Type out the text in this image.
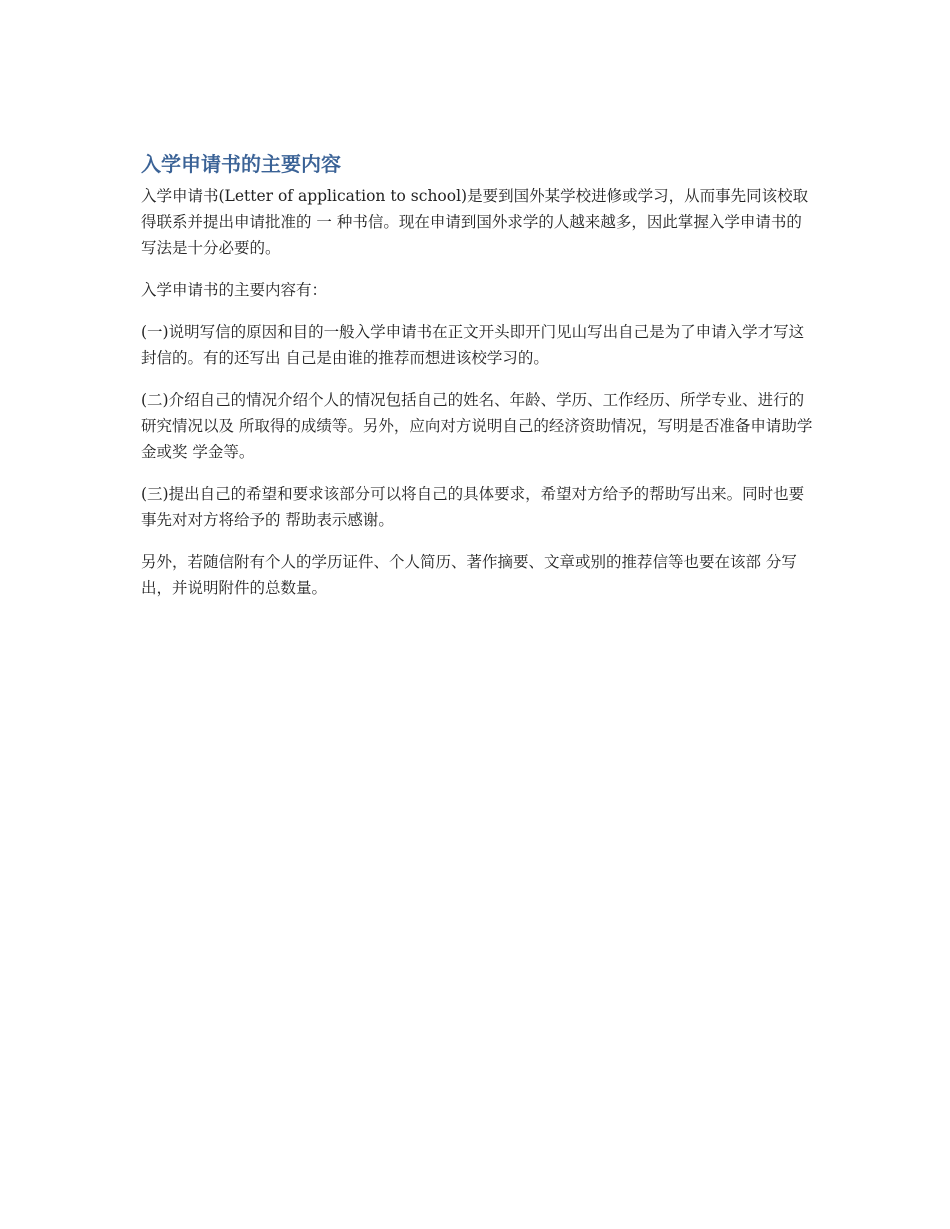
入学申请书的主要内容

入学申请书(Letter of application to school)是要到国外某学校进修或学习，从而事先同该校取得联系并提出申请批准的 一 种书信。现在申请到国外求学的人越来越多，因此掌握入学申请书的写法是十分必要的。

入学申请书的主要内容有：

(一)说明写信的原因和目的一般入学申请书在正文开头即开门见山写出自己是为了申请入学才写这封信的。有的还写出 自己是由谁的推荐而想进该校学习的。

(二)介绍自己的情况介绍个人的情况包括自己的姓名、年龄、学历、工作经历、所学专业、进行的研究情况以及 所取得的成绩等。另外，应向对方说明自己的经济资助情况，写明是否准备申请助学金或奖 学金等。

(三)提出自己的希望和要求该部分可以将自己的具体要求，希望对方给予的帮助写出来。同时也要事先对对方将给予的 帮助表示感谢。

另外，若随信附有个人的学历证件、个人简历、著作摘要、文章或别的推荐信等也要在该部 分写出，并说明附件的总数量。
